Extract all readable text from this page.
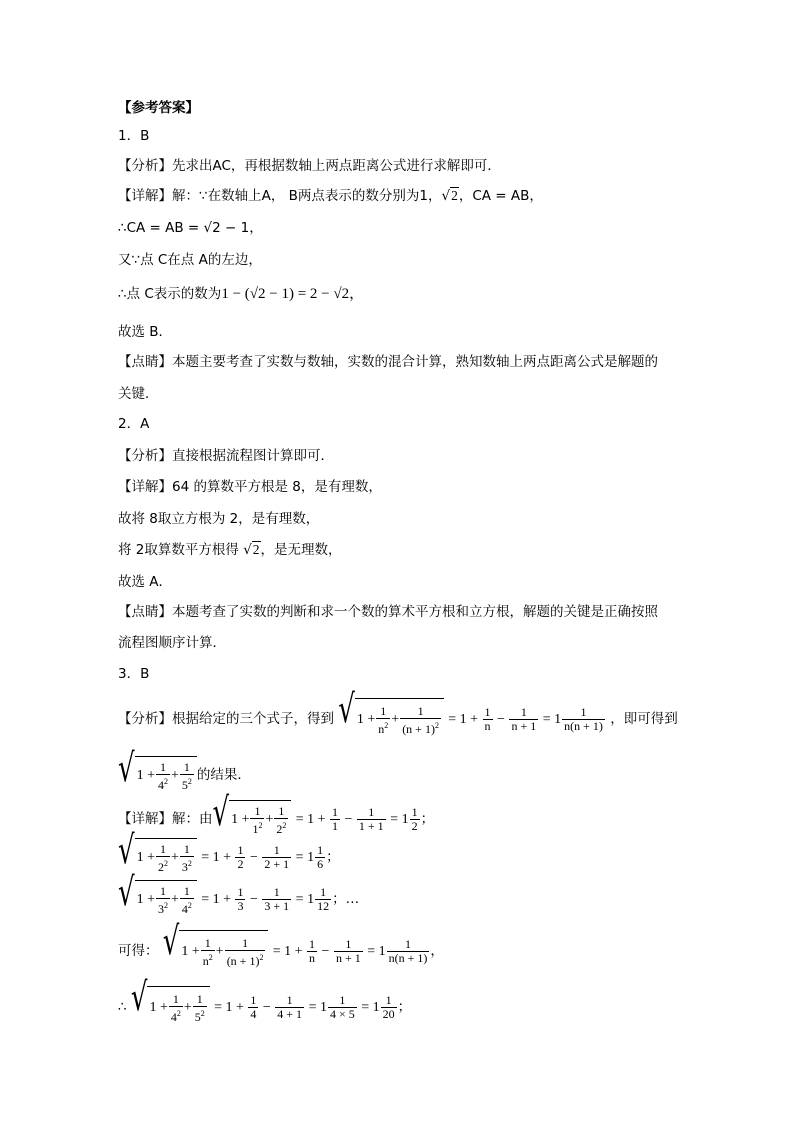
【参考答案】
1．B
【分析】先求出AC，再根据数轴上两点距离公式进行求解即可．
【详解】解：∵在数轴上A， B两点表示的数分别为1，√2，CA = AB，
∴CA = AB = √2 − 1，
又∵点 C在点 A的左边，
∴点 C表示的数为1 − (√2 − 1) = 2 − √2，
故选 B．
【点睛】本题主要考查了实数与数轴，实数的混合计算，熟知数轴上两点距离公式是解题的
关键．
2．A
【分析】直接根据流程图计算即可．
【详解】64 的算数平方根是 8，是有理数，
故将 8取立方根为 2，是有理数，
将 2取算数平方根得 √2，是无理数，
故选 A．
【点睛】本题考查了实数的判断和求一个数的算术平方根和立方根，解题的关键是正确按照
流程图顺序计算．
3．B
【分析】根据给定的三个式子，得到 √ $1 + \frac{1}{n^2} + \frac{1}{(n + 1)^2} = 1 + \frac{1}{n} - \frac{1}{n + 1} = 1 \frac{1}{n(n + 1)}$ ，即可得到
√ $1 + \frac{1}{4^2} + \frac{1}{5^2}$ 的结果．
【详解】解：由 √ $1 + \frac{1}{1^2} + \frac{1}{2^2} = 1 + \frac{1}{1} - \frac{1}{1 + 1} = 1 \frac{1}{2}$ ；
√ $1 + \frac{1}{2^2} + \frac{1}{3^2} = 1 + \frac{1}{2} - \frac{1}{2 + 1} = 1 \frac{1}{6}$ ；
√ $1 + \frac{1}{3^2} + \frac{1}{4^2} = 1 + \frac{1}{3} - \frac{1}{3 + 1} = 1 \frac{1}{12}$ ；…
可得： √ $1 + \frac{1}{n^2} + \frac{1}{(n + 1)^2} = 1 + \frac{1}{n} - \frac{1}{n + 1} = 1 \frac{1}{n(n + 1)}$ ，
∴ √ $1 + \frac{1}{4^2} + \frac{1}{5^2} = 1 + \frac{1}{4} - \frac{1}{4 + 1} = 1 \frac{1}{4 \times 5} = 1 \frac{1}{20}$ ；
